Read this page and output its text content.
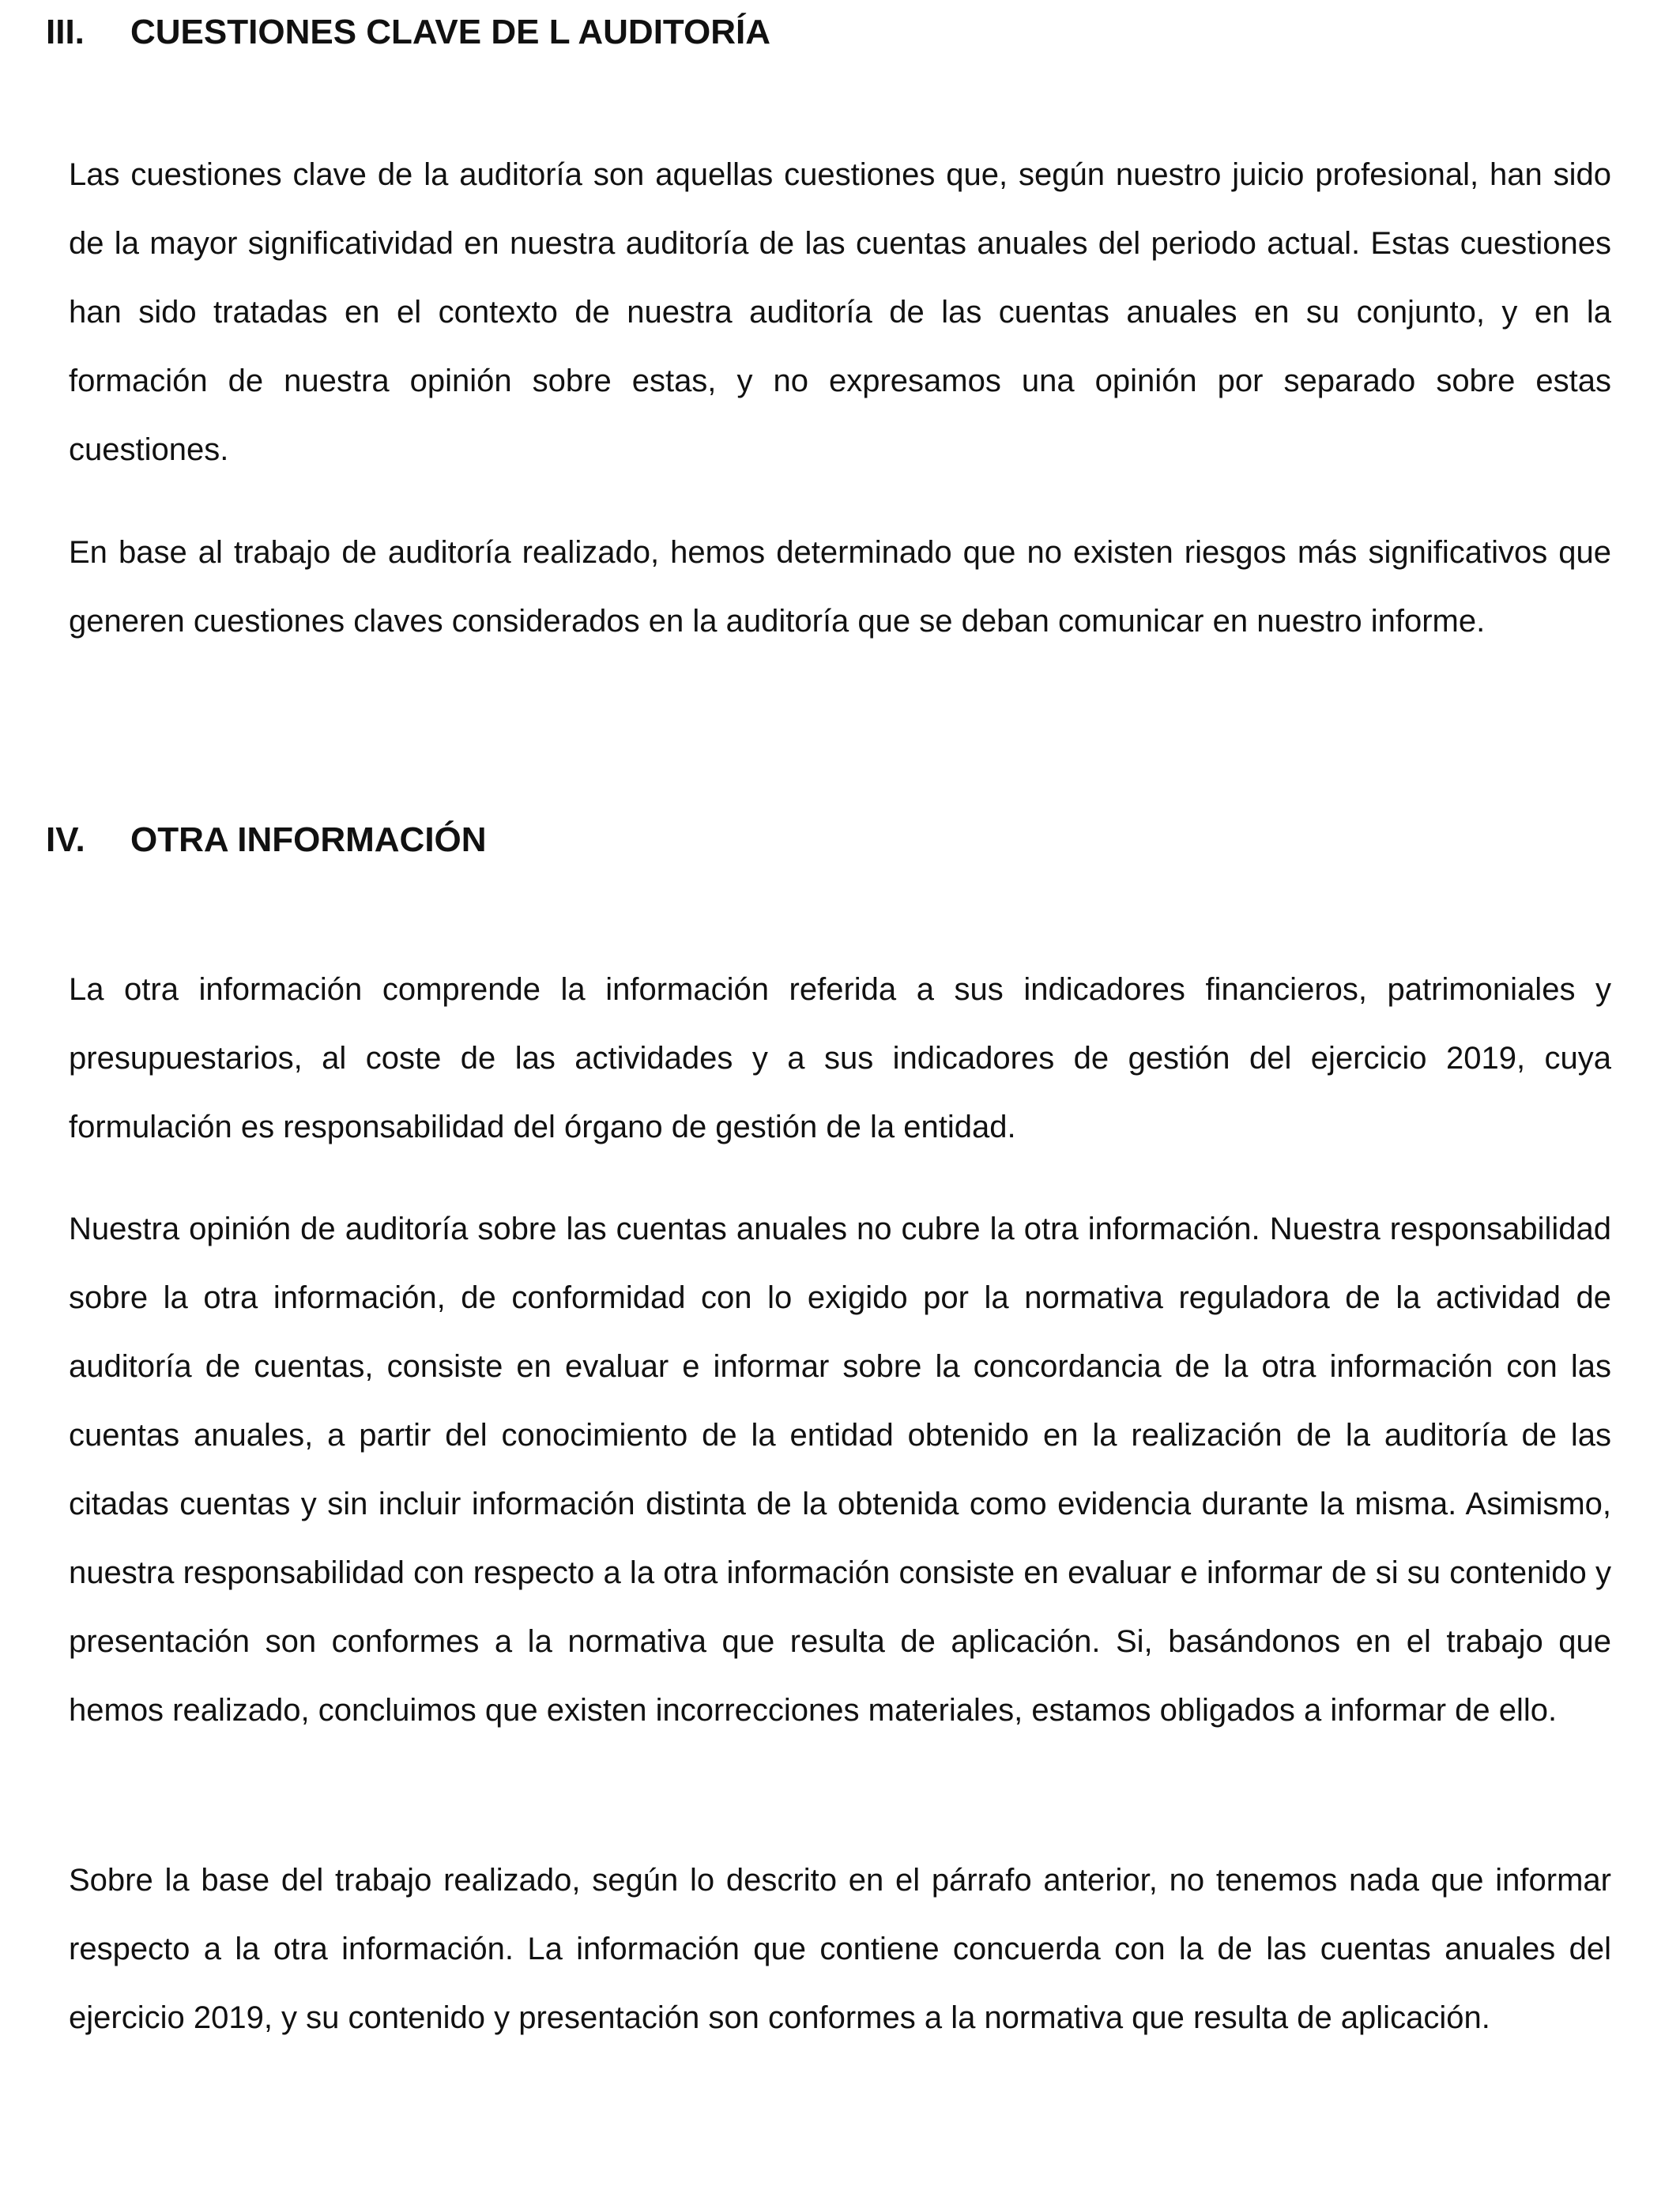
III. CUESTIONES CLAVE DE L AUDITORÍA

Las cuestiones clave de la auditoría son aquellas cuestiones que, según nuestro juicio profesional, han sido de la mayor significatividad en nuestra auditoría de las cuentas anuales del periodo actual. Estas cuestiones han sido tratadas en el contexto de nuestra auditoría de las cuentas anuales en su conjunto, y en la formación de nuestra opinión sobre estas, y no expresamos una opinión por separado sobre estas cuestiones.

En base al trabajo de auditoría realizado, hemos determinado que no existen riesgos más significativos que generen cuestiones claves considerados en la auditoría que se deban comunicar en nuestro informe.

IV. OTRA INFORMACIÓN

La otra información comprende la información referida a sus indicadores financieros, patrimoniales y presupuestarios, al coste de las actividades y a sus indicadores de gestión del ejercicio 2019, cuya formulación es responsabilidad del órgano de gestión de la entidad.

Nuestra opinión de auditoría sobre las cuentas anuales no cubre la otra información. Nuestra responsabilidad sobre la otra información, de conformidad con lo exigido por la normativa reguladora de la actividad de auditoría de cuentas, consiste en evaluar e informar sobre la concordancia de la otra información con las cuentas anuales, a partir del conocimiento de la entidad obtenido en la realización de la auditoría de las citadas cuentas y sin incluir información distinta de la obtenida como evidencia durante la misma. Asimismo, nuestra responsabilidad con respecto a la otra información consiste en evaluar e informar de si su contenido y presentación son conformes a la normativa que resulta de aplicación. Si, basándonos en el trabajo que hemos realizado, concluimos que existen incorrecciones materiales, estamos obligados a informar de ello.

Sobre la base del trabajo realizado, según lo descrito en el párrafo anterior, no tenemos nada que informar respecto a la otra información. La información que contiene concuerda con la de las cuentas anuales del ejercicio 2019, y su contenido y presentación son conformes a la normativa que resulta de aplicación.
